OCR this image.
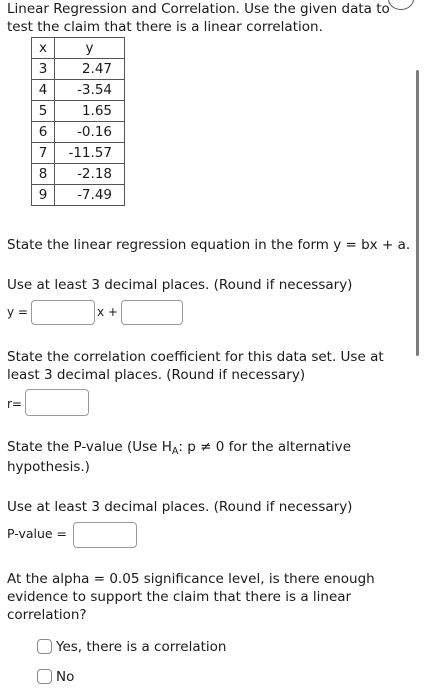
Linear Regression and Correlation. Use the given data to
test the claim that there is a linear correlation.
x	y
3	2.47
4	-3.54
5	1.65
6	-0.16
7	-11.57
8	-2.18
9	-7.49
State the linear regression equation in the form y = bx + a.
Use at least 3 decimal places. (Round if necessary)
y =	x +
State the correlation coefficient for this data set. Use at
least 3 decimal places. (Round if necessary)
r=
State the P-value (Use $H_A$: p ≠ 0 for the alternative
hypothesis.)
Use at least 3 decimal places. (Round if necessary)
P-value =
At the alpha = 0.05 significance level, is there enough
evidence to support the claim that there is a linear
correlation?
Yes, there is a correlation
No
